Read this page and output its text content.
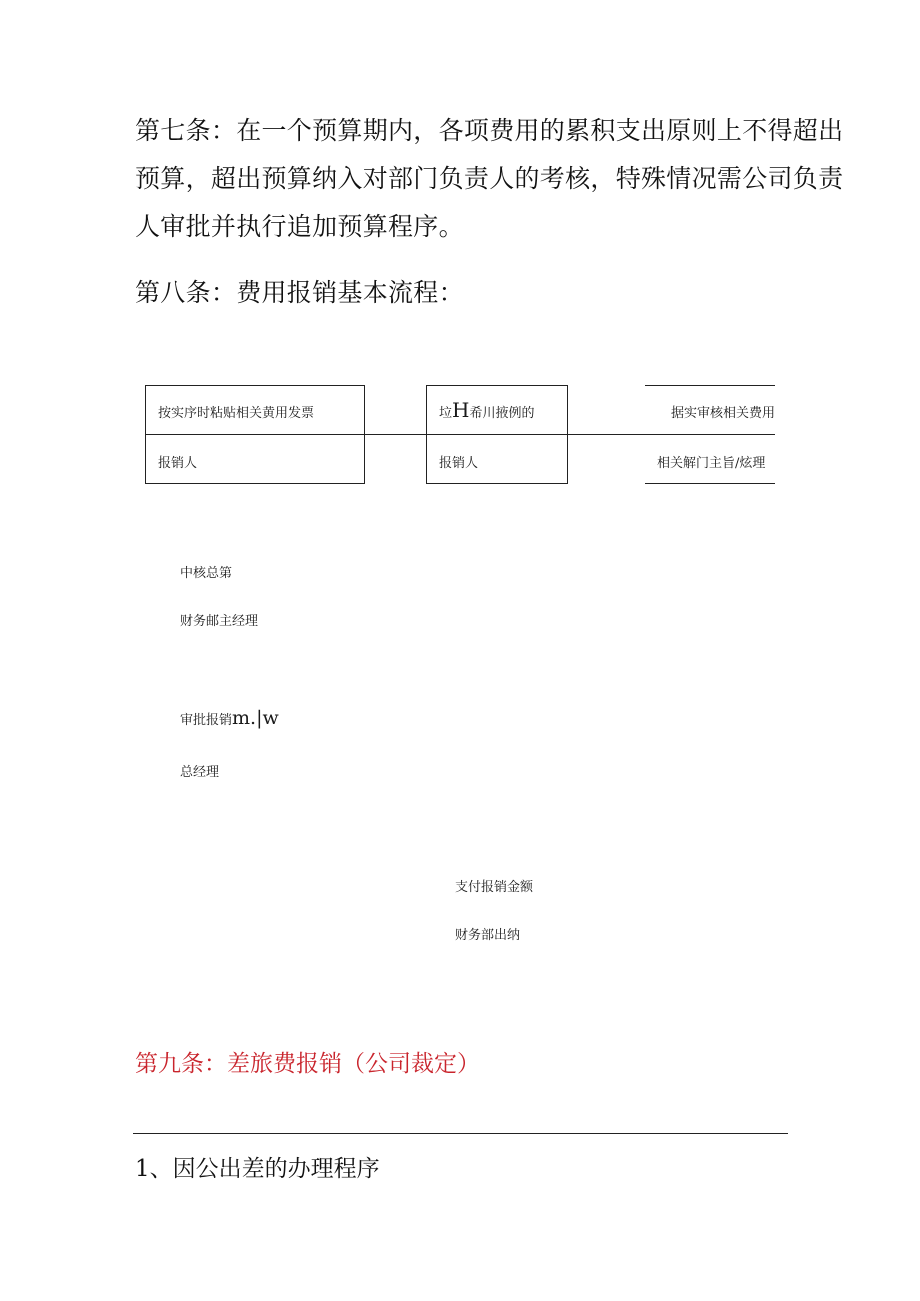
第七条：在一个预算期内，各项费用的累积支出原则上不得超出
预算，超出预算纳入对部门负责人的考核，特殊情况需公司负责
人审批并执行追加预算程序。
第八条：费用报销基本流程：
按实序时粘贴相关黄用发票
报销人
垃H希川掖例的
报销人
据实审核相关费用
相关解门主旨/炫理
中核总第
财务邮主经理
审批报销m.|w
总经理
支付报销金额
财务部出纳
第九条：差旅费报销（公司裁定）
1、因公出差的办理程序
